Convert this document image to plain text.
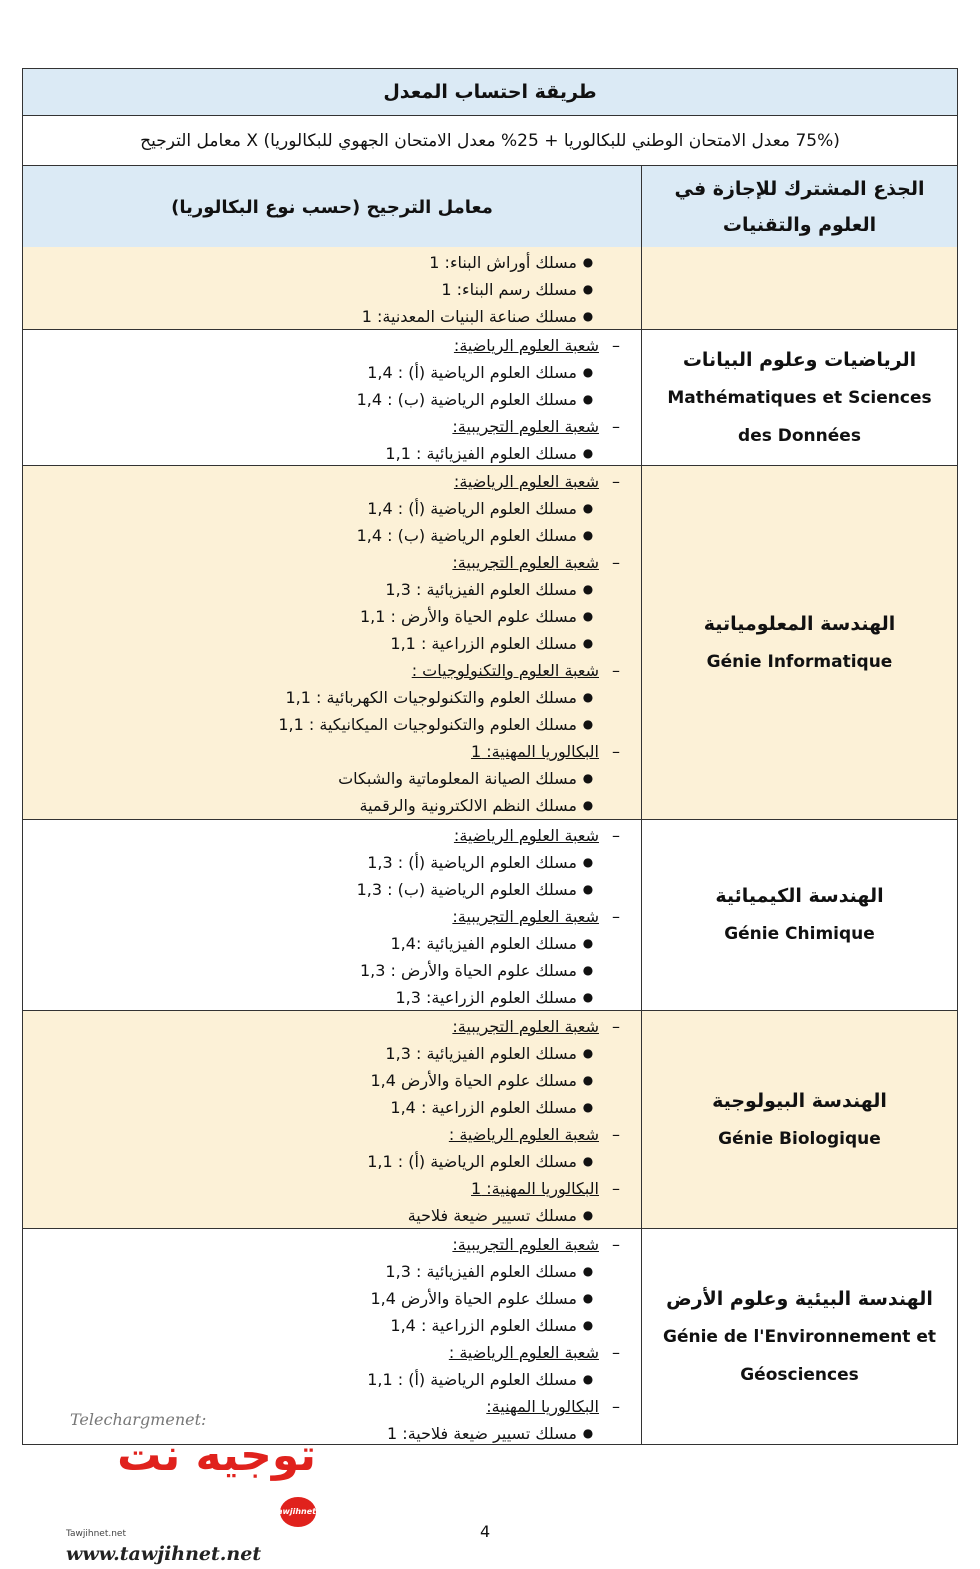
طريقة احتساب المعدل
(75% معدل الامتحان الوطني للبكالوريا + 25% معدل الامتحان الجهوي للبكالوريا) X معامل الترجيح
الجذع المشترك للإجازة في العلوم والتقنيات
معامل الترجيح (حسب نوع البكالوريا)
●
مسلك أوراش البناء: 1
●
مسلك رسم البناء: 1
●
مسلك صناعة البنيات المعدنية: 1
الرياضيات وعلوم البيانات
Mathématiques et Sciences des Données
–
شعبة العلوم الرياضية:
●
مسلك العلوم الرياضية (أ) : 1,4
●
مسلك العلوم الرياضية (ب) : 1,4
–
شعبة العلوم التجريبية:
●
مسلك العلوم الفيزيائية : 1,1
الهندسة المعلومياتية
Génie Informatique
–
شعبة العلوم الرياضية:
●
مسلك العلوم الرياضية (أ) : 1,4
●
مسلك العلوم الرياضية (ب) : 1,4
–
شعبة العلوم التجريبية:
●
مسلك العلوم الفيزيائية : 1,3
●
مسلك علوم الحياة والأرض : 1,1
●
مسلك العلوم الزراعية : 1,1
–
شعبة العلوم والتكنولوجيات :
●
مسلك العلوم والتكنولوجيات الكهربائية : 1,1
●
مسلك العلوم والتكنولوجيات الميكانيكية : 1,1
–
البكالوريا المهنية: 1
●
مسلك الصيانة المعلوماتية والشبكات
●
مسلك النظم الالكترونية والرقمية
الهندسة الكيميائية
Génie Chimique
–
شعبة العلوم الرياضية:
●
مسلك العلوم الرياضية (أ) : 1,3
●
مسلك العلوم الرياضية (ب) : 1,3
–
شعبة العلوم التجريبية:
●
مسلك العلوم الفيزيائية :1,4
●
مسلك علوم الحياة والأرض : 1,3
●
مسلك العلوم الزراعية: 1,3
الهندسة البيولوجية
Génie Biologique
–
شعبة العلوم التجريبية:
●
مسلك العلوم الفيزيائية : 1,3
●
مسلك علوم الحياة والأرض 1,4
●
مسلك العلوم الزراعية : 1,4
–
شعبة العلوم الرياضية :
●
مسلك العلوم الرياضية (أ) : 1,1
–
البكالوريا المهنية: 1
●
مسلك تسيير ضيعة فلاحية
الهندسة البيئية وعلوم الأرض
Génie de l'Environnement et Géosciences
–
شعبة العلوم التجريبية:
●
مسلك العلوم الفيزيائية : 1,3
●
مسلك علوم الحياة والأرض 1,4
●
مسلك العلوم الزراعية : 1,4
–
شعبة العلوم الرياضية :
●
مسلك العلوم الرياضية (أ) : 1,1
–
البكالوريا المهنية:
●
مسلك تسيير ضيعة فلاحية: 1
Telechargmenet:
توجيه نت tawjihnet
Tawjihnet.net
www.tawjihnet.net
4
